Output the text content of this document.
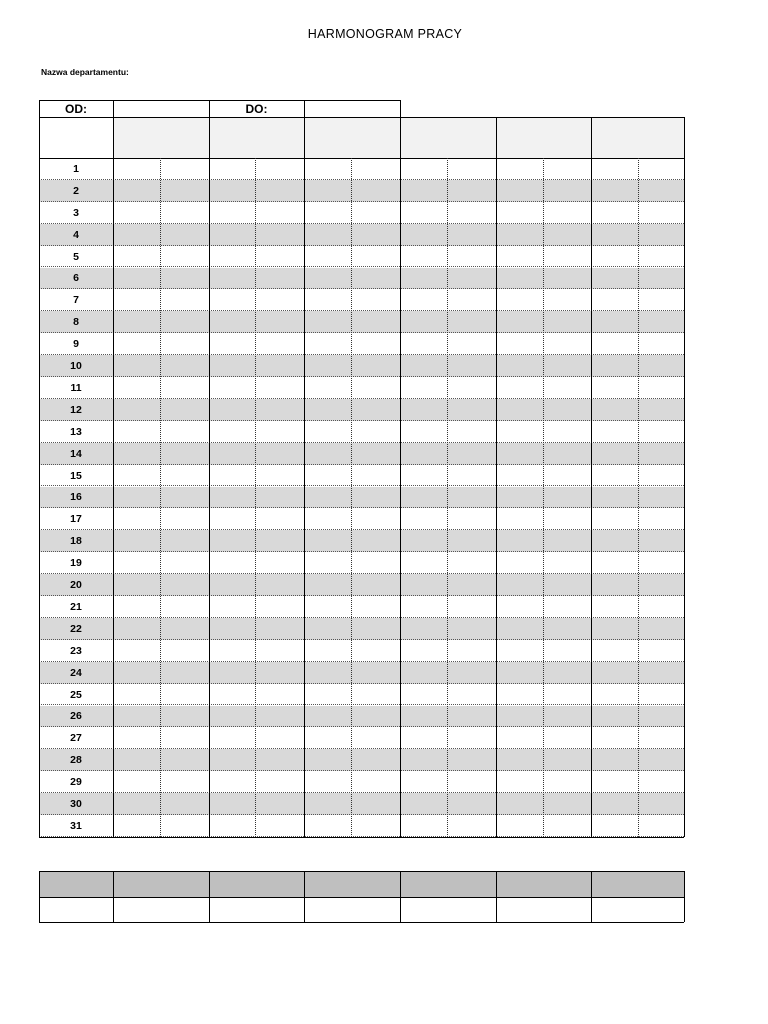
HARMONOGRAM PRACY
Nazwa departamentu:
1
2
3
4
5
6
7
8
9
10
11
12
13
14
15
16
17
18
19
20
21
22
23
24
25
26
27
28
29
30
31
OD:	DO:
